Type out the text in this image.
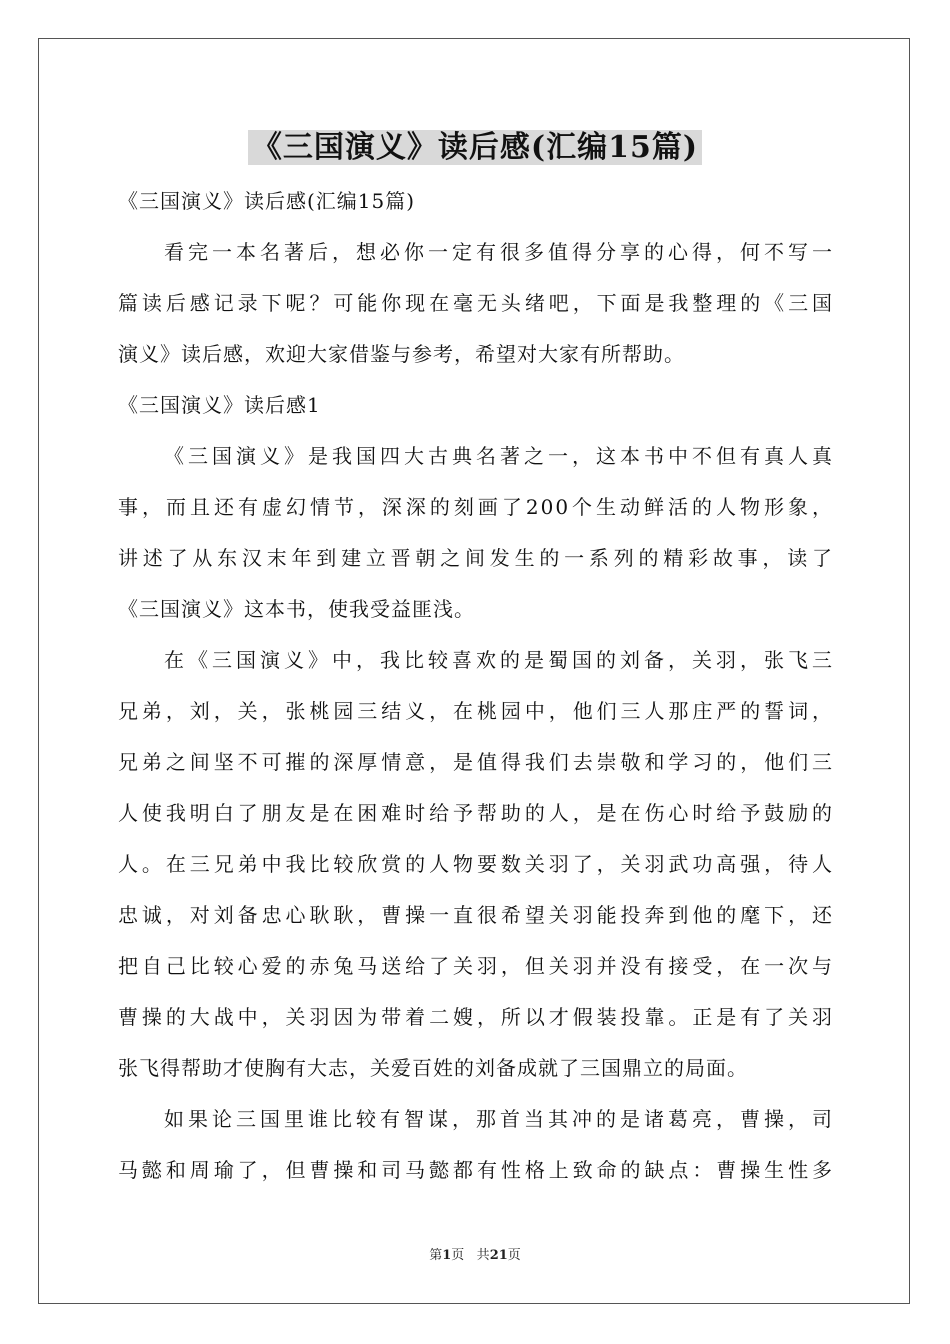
《三国演义》读后感(汇编15篇)
《三国演义》读后感(汇编15篇)
看完一本名著后，想必你一定有很多值得分享的心得，何不写一
篇读后感记录下呢？可能你现在毫无头绪吧，下面是我整理的《三国
演义》读后感，欢迎大家借鉴与参考，希望对大家有所帮助。
《三国演义》读后感1
《三国演义》是我国四大古典名著之一，这本书中不但有真人真
事，而且还有虚幻情节，深深的刻画了200个生动鲜活的人物形象，
讲述了从东汉末年到建立晋朝之间发生的一系列的精彩故事，读了
《三国演义》这本书，使我受益匪浅。
在《三国演义》中，我比较喜欢的是蜀国的刘备，关羽，张飞三
兄弟，刘，关，张桃园三结义，在桃园中，他们三人那庄严的誓词，
兄弟之间坚不可摧的深厚情意，是值得我们去崇敬和学习的，他们三
人使我明白了朋友是在困难时给予帮助的人，是在伤心时给予鼓励的
人。在三兄弟中我比较欣赏的人物要数关羽了，关羽武功高强，待人
忠诚，对刘备忠心耿耿，曹操一直很希望关羽能投奔到他的麾下，还
把自己比较心爱的赤兔马送给了关羽，但关羽并没有接受，在一次与
曹操的大战中，关羽因为带着二嫂，所以才假装投靠。正是有了关羽
张飞得帮助才使胸有大志，关爱百姓的刘备成就了三国鼎立的局面。
如果论三国里谁比较有智谋，那首当其冲的是诸葛亮，曹操，司
马懿和周瑜了，但曹操和司马懿都有性格上致命的缺点：曹操生性多
第1页 共21页
